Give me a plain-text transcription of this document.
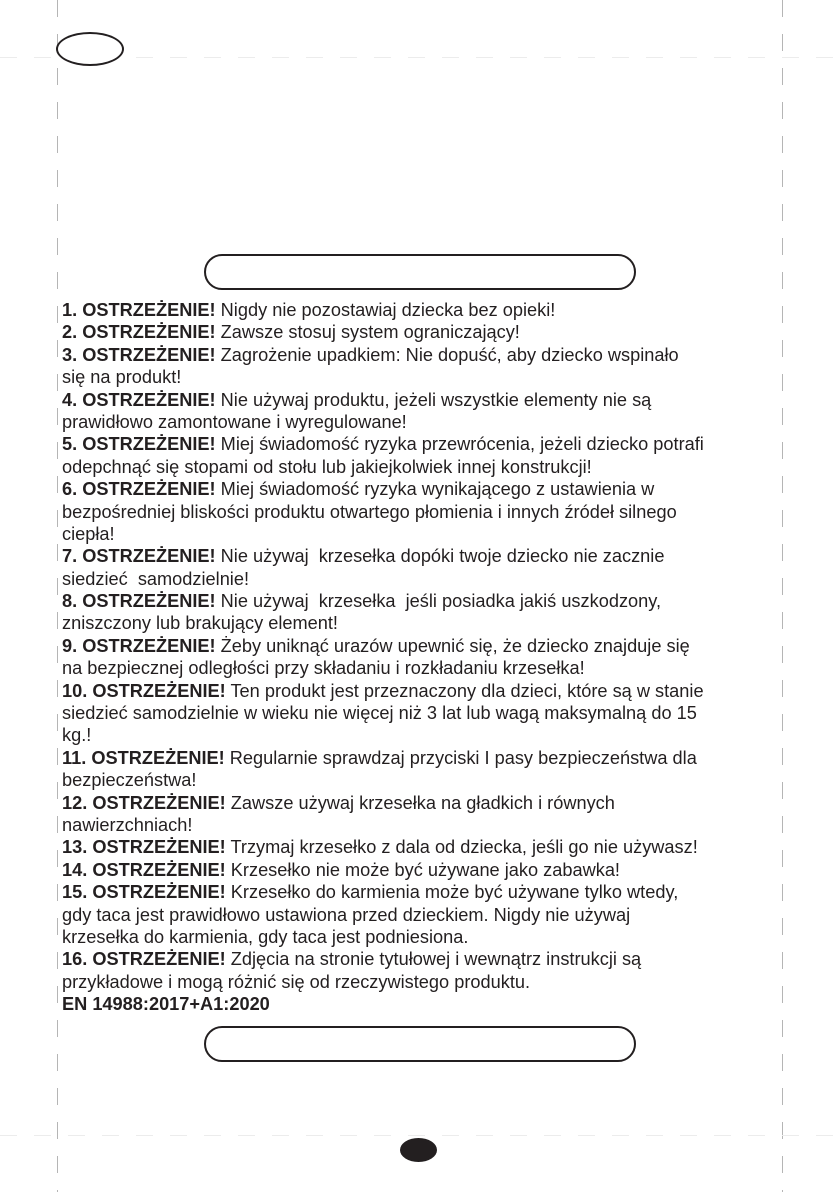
1. OSTRZEŻENIE! Nigdy nie pozostawiaj dziecka bez opieki!
2. OSTRZEŻENIE! Zawsze stosuj system ograniczający!
3. OSTRZEŻENIE! Zagrożenie upadkiem: Nie dopuść, aby dziecko wspinało
się na produkt!
4. OSTRZEŻENIE! Nie używaj produktu, jeżeli wszystkie elementy nie są
prawidłowo zamontowane i wyregulowane!
5. OSTRZEŻENIE! Miej świadomość ryzyka przewrócenia, jeżeli dziecko potrafi
odepchnąć się stopami od stołu lub jakiejkolwiek innej konstrukcji!
6. OSTRZEŻENIE! Miej świadomość ryzyka wynikającego z ustawienia w
bezpośredniej bliskości produktu otwartego płomienia i innych źródeł silnego
ciepła!
7. OSTRZEŻENIE! Nie używaj  krzesełka dopóki twoje dziecko nie zacznie
siedzieć  samodzielnie!
8. OSTRZEŻENIE! Nie używaj  krzesełka  jeśli posiadka jakiś uszkodzony,
zniszczony lub brakujący element!
9. OSTRZEŻENIE! Żeby uniknąć urazów upewnić się, że dziecko znajduje się
na bezpiecznej odległości przy składaniu i rozkładaniu krzesełka!
10. OSTRZEŻENIE! Ten produkt jest przeznaczony dla dzieci, które są w stanie
siedzieć samodzielnie w wieku nie więcej niż 3 lat lub wagą maksymalną do 15
kg.!
11. OSTRZEŻENIE! Regularnie sprawdzaj przyciski I pasy bezpieczeństwa dla
bezpieczeństwa!
12. OSTRZEŻENIE! Zawsze używaj krzesełka na gładkich i równych
nawierzchniach!
13. OSTRZEŻENIE! Trzymaj krzesełko z dala od dziecka, jeśli go nie używasz!
14. OSTRZEŻENIE! Krzesełko nie może być używane jako zabawka!
15. OSTRZEŻENIE! Krzesełko do karmienia może być używane tylko wtedy,
gdy taca jest prawidłowo ustawiona przed dzieckiem. Nigdy nie używaj
krzesełka do karmienia, gdy taca jest podniesiona.
16. OSTRZEŻENIE! Zdjęcia na stronie tytułowej i wewnątrz instrukcji są
przykładowe i mogą różnić się od rzeczywistego produktu.
EN 14988:2017+A1:2020
